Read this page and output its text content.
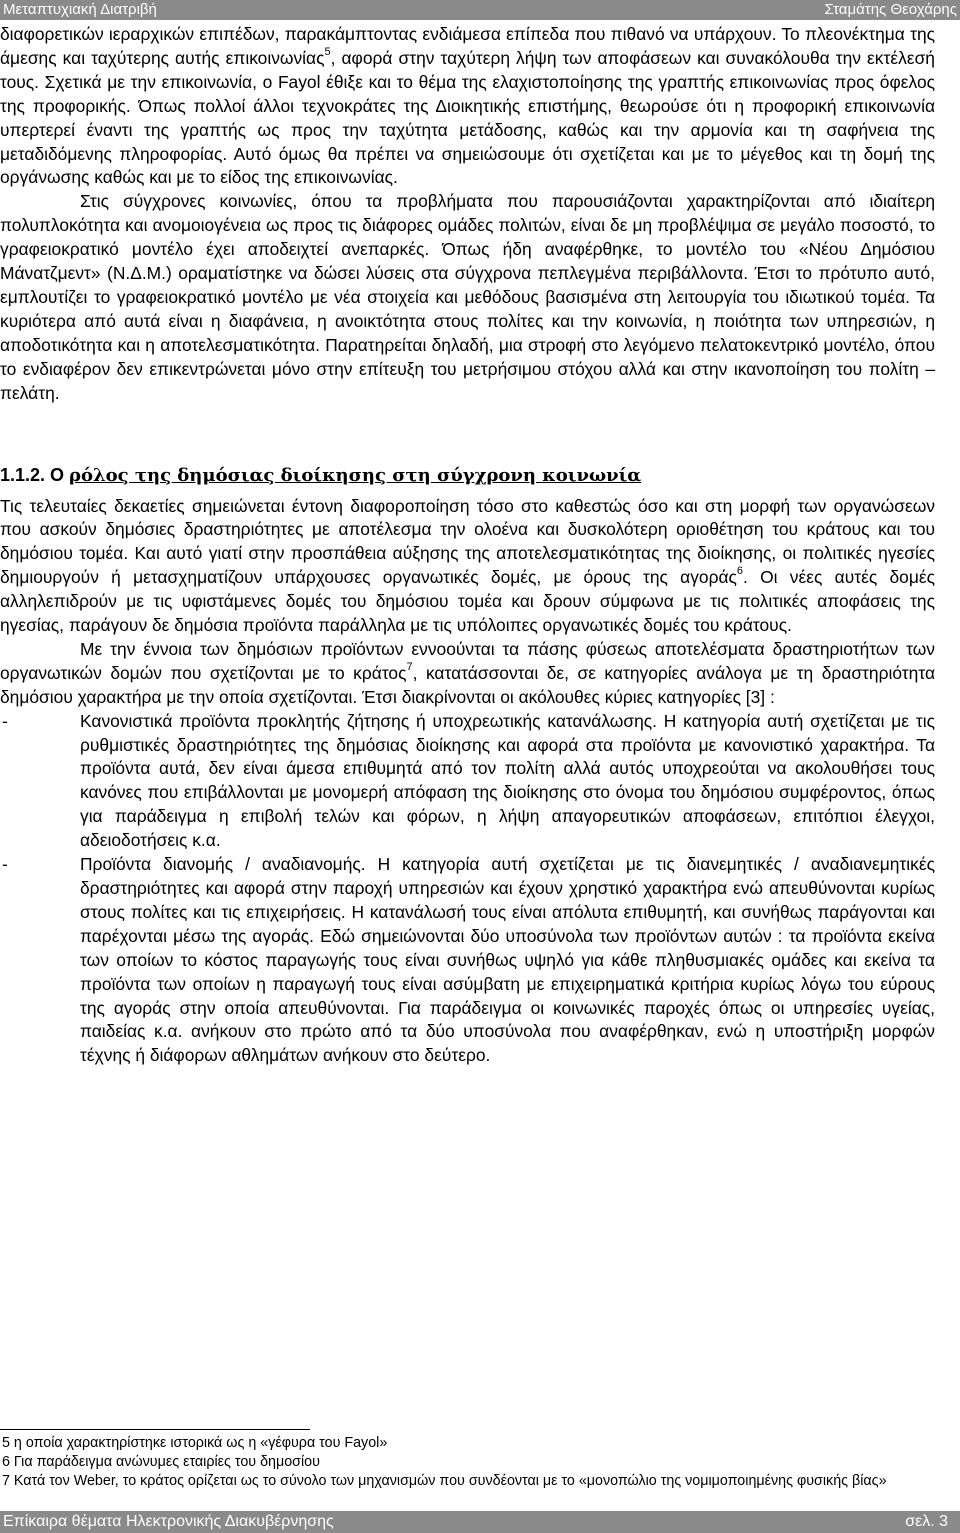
Μεταπτυχιακή Διατριβή	Σταμάτης Θεοχάρης

διαφορετικών ιεραρχικών επιπέδων, παρακάμπτοντας ενδιάμεσα επίπεδα που πιθανό να υπάρχουν. Το πλεονέκτημα της άμεσης και ταχύτερης αυτής επικοινωνίας$^5$, αφορά στην ταχύτερη λήψη των αποφάσεων και συνακόλουθα την εκτέλεσή τους. Σχετικά με την επικοινωνία, ο Fayol έθιξε και το θέμα της ελαχιστοποίησης της γραπτής επικοινωνίας προς όφελος της προφορικής. Όπως πολλοί άλλοι τεχνοκράτες της Διοικητικής επιστήμης, θεωρούσε ότι η προφορική επικοινωνία υπερτερεί έναντι της γραπτής ως προς την ταχύτητα μετάδοσης, καθώς και την αρμονία και τη σαφήνεια της μεταδιδόμενης πληροφορίας. Αυτό όμως θα πρέπει να σημειώσουμε ότι σχετίζεται και με το μέγεθος και τη δομή της οργάνωσης καθώς και με το είδος της επικοινωνίας.

Στις σύγχρονες κοινωνίες, όπου τα προβλήματα που παρουσιάζονται χαρακτηρίζονται από ιδιαίτερη πολυπλοκότητα και ανομοιογένεια ως προς τις διάφορες ομάδες πολιτών, είναι δε μη προβλέψιμα σε μεγάλο ποσοστό, το γραφειοκρατικό μοντέλο έχει αποδειχτεί ανεπαρκές. Όπως ήδη αναφέρθηκε, το μοντέλο του «Νέου Δημόσιου Μάνατζμεντ» (Ν.Δ.Μ.) οραματίστηκε να δώσει λύσεις στα σύγχρονα πεπλεγμένα περιβάλλοντα. Έτσι το πρότυπο αυτό, εμπλουτίζει το γραφειοκρατικό μοντέλο με νέα στοιχεία και μεθόδους βασισμένα στη λειτουργία του ιδιωτικού τομέα. Τα κυριότερα από αυτά είναι η διαφάνεια, η ανοικτότητα στους πολίτες και την κοινωνία, η ποιότητα των υπηρεσιών, η αποδοτικότητα και η αποτελεσματικότητα. Παρατηρείται δηλαδή, μια στροφή στο λεγόμενο πελατοκεντρικό μοντέλο, όπου το ενδιαφέρον δεν επικεντρώνεται μόνο στην επίτευξη του μετρήσιμου στόχου αλλά και στην ικανοποίηση του πολίτη – πελάτη.

1.1.2. Ο ρόλος της δημόσιας διοίκησης στη σύγχρονη κοινωνία

Τις τελευταίες δεκαετίες σημειώνεται έντονη διαφοροποίηση τόσο στο καθεστώς όσο και στη μορφή των οργανώσεων που ασκούν δημόσιες δραστηριότητες με αποτέλεσμα την ολοένα και δυσκολότερη οριοθέτηση του κράτους και του δημόσιου τομέα. Και αυτό γιατί στην προσπάθεια αύξησης της αποτελεσματικότητας της διοίκησης, οι πολιτικές ηγεσίες δημιουργούν ή μετασχηματίζουν υπάρχουσες οργανωτικές δομές, με όρους της αγοράς$^6$. Οι νέες αυτές δομές αλληλεπιδρούν με τις υφιστάμενες δομές του δημόσιου τομέα και δρουν σύμφωνα με τις πολιτικές αποφάσεις της ηγεσίας, παράγουν δε δημόσια προϊόντα παράλληλα με τις υπόλοιπες οργανωτικές δομές του κράτους.

Με την έννοια των δημόσιων προϊόντων εννοούνται τα πάσης φύσεως αποτελέσματα δραστηριοτήτων των οργανωτικών δομών που σχετίζονται με το κράτος$^7$, κατατάσσονται δε, σε κατηγορίες ανάλογα με τη δραστηριότητα δημόσιου χαρακτήρα με την οποία σχετίζονται. Έτσι διακρίνονται οι ακόλουθες κύριες κατηγορίες [3] :

-	Κανονιστικά προϊόντα προκλητής ζήτησης ή υποχρεωτικής κατανάλωσης. Η κατηγορία αυτή σχετίζεται με τις ρυθμιστικές δραστηριότητες της δημόσιας διοίκησης και αφορά στα προϊόντα με κανονιστικό χαρακτήρα. Τα προϊόντα αυτά, δεν είναι άμεσα επιθυμητά από τον πολίτη αλλά αυτός υποχρεούται να ακολουθήσει τους κανόνες που επιβάλλονται με μονομερή απόφαση της διοίκησης στο όνομα του δημόσιου συμφέροντος, όπως για παράδειγμα η επιβολή τελών και φόρων, η λήψη απαγορευτικών αποφάσεων, επιτόπιοι έλεγχοι, αδειοδοτήσεις κ.α.
-	Προϊόντα διανομής / αναδιανομής. Η κατηγορία αυτή σχετίζεται με τις διανεμητικές / αναδιανεμητικές δραστηριότητες και αφορά στην παροχή υπηρεσιών και έχουν χρηστικό χαρακτήρα ενώ απευθύνονται κυρίως στους πολίτες και τις επιχειρήσεις. Η κατανάλωσή τους είναι απόλυτα επιθυμητή, και συνήθως παράγονται και παρέχονται μέσω της αγοράς. Εδώ σημειώνονται δύο υποσύνολα των προϊόντων αυτών : τα προϊόντα εκείνα των οποίων το κόστος παραγωγής τους είναι συνήθως υψηλό για κάθε πληθυσμιακές ομάδες και εκείνα τα προϊόντα των οποίων η παραγωγή τους είναι ασύμβατη με επιχειρηματικά κριτήρια κυρίως λόγω του εύρους της αγοράς στην οποία απευθύνονται. Για παράδειγμα οι κοινωνικές παροχές όπως οι υπηρεσίες υγείας, παιδείας κ.α. ανήκουν στο πρώτο από τα δύο υποσύνολα που αναφέρθηκαν, ενώ η υποστήριξη μορφών τέχνης ή διάφορων αθλημάτων ανήκουν στο δεύτερο.

5 η οποία χαρακτηρίστηκε ιστορικά ως η «γέφυρα του Fayol»

6 Για παράδειγμα ανώνυμες εταιρίες του δημοσίου

7 Κατά τον Weber, το κράτος ορίζεται ως το σύνολο των μηχανισμών που συνδέονται με το «μονοπώλιο της νομιμοποιημένης φυσικής βίας»

Επίκαιρα θέματα Ηλεκτρονικής Διακυβέρνησης	σελ. 3
